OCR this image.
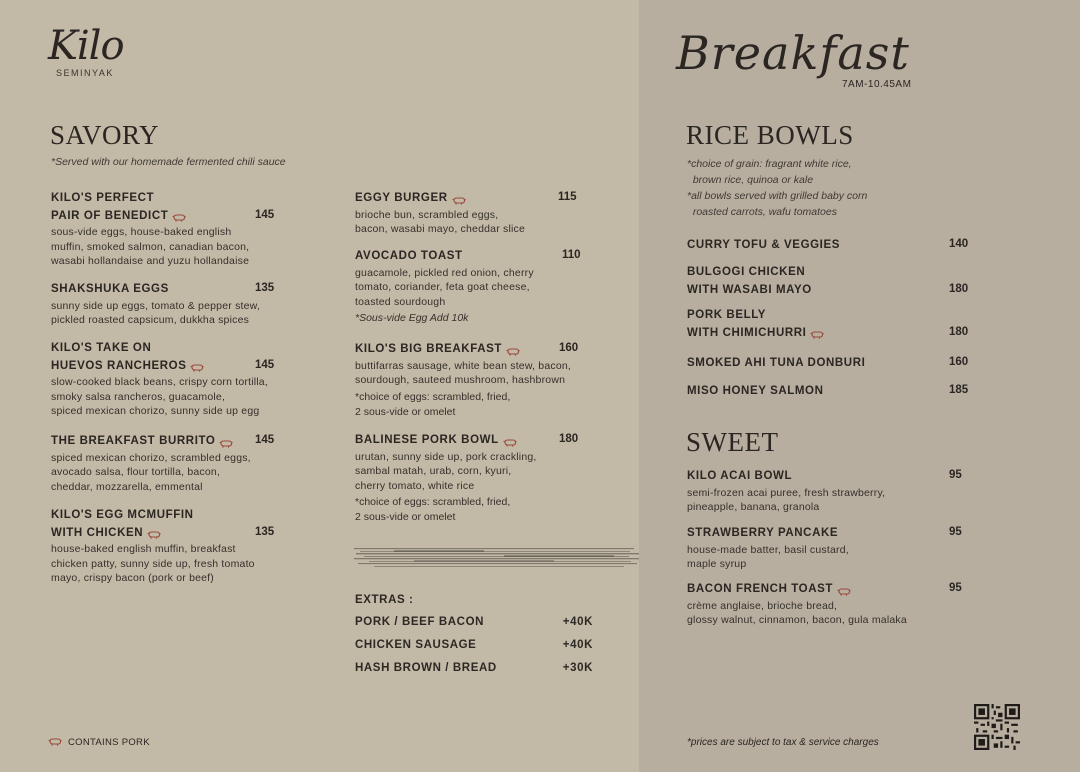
Kilo
SEMINYAK	Breakfast
7AM-10.45AM
SAVORY
*Served with our homemade fermented chili sauce
KILO'S PERFECT
PAIR OF BENEDICT	145
sous-vide eggs, house-baked english
muffin, smoked salmon, canadian bacon,
wasabi hollandaise and yuzu hollandaise
SHAKSHUKA EGGS	135
sunny side up eggs, tomato & pepper stew,
pickled roasted capsicum, dukkha spices
KILO'S TAKE ON
HUEVOS RANCHEROS	145
slow-cooked black beans, crispy corn tortilla,
smoky salsa rancheros, guacamole,
spiced mexican chorizo, sunny side up egg
THE BREAKFAST BURRITO	145
spiced mexican chorizo, scrambled eggs,
avocado salsa, flour tortilla, bacon,
cheddar, mozzarella, emmental
KILO'S EGG MCMUFFIN
WITH CHICKEN	135
house-baked english muffin, breakfast
chicken patty, sunny side up, fresh tomato
mayo, crispy bacon (pork or beef)
EGGY BURGER	115
brioche bun, scrambled eggs,
bacon, wasabi mayo, cheddar slice
AVOCADO TOAST	110
guacamole, pickled red onion, cherry
tomato, coriander, feta goat cheese,
toasted sourdough
*Sous-vide Egg Add 10k
KILO'S BIG BREAKFAST	160
buttifarras sausage, white bean stew, bacon,
sourdough, sauteed mushroom, hashbrown
*choice of eggs: scrambled, fried,
2 sous-vide or omelet
BALINESE PORK BOWL	180
urutan, sunny side up, pork crackling,
sambal matah, urab, corn, kyuri,
cherry tomato, white rice
*choice of eggs: scrambled, fried,
2 sous-vide or omelet
EXTRAS :
PORK / BEEF BACON	+40K
CHICKEN SAUSAGE	+40K
HASH BROWN / BREAD	+30K
RICE BOWLS
*choice of grain: fragrant white rice,
brown rice, quinoa or kale
*all bowls served with grilled baby corn
roasted carrots, wafu tomatoes
CURRY TOFU & VEGGIES	140
BULGOGI CHICKEN
WITH WASABI MAYO	180
PORK BELLY
WITH CHIMICHURRI	180
SMOKED AHI TUNA DONBURI	160
MISO HONEY SALMON	185
SWEET
KILO ACAI BOWL	95
semi-frozen acai puree, fresh strawberry,
pineapple, banana, granola
STRAWBERRY PANCAKE	95
house-made batter, basil custard,
maple syrup
BACON FRENCH TOAST	95
crème anglaise, brioche bread,
glossy walnut, cinnamon, bacon, gula malaka
CONTAINS PORK	*prices are subject to tax & service charges
